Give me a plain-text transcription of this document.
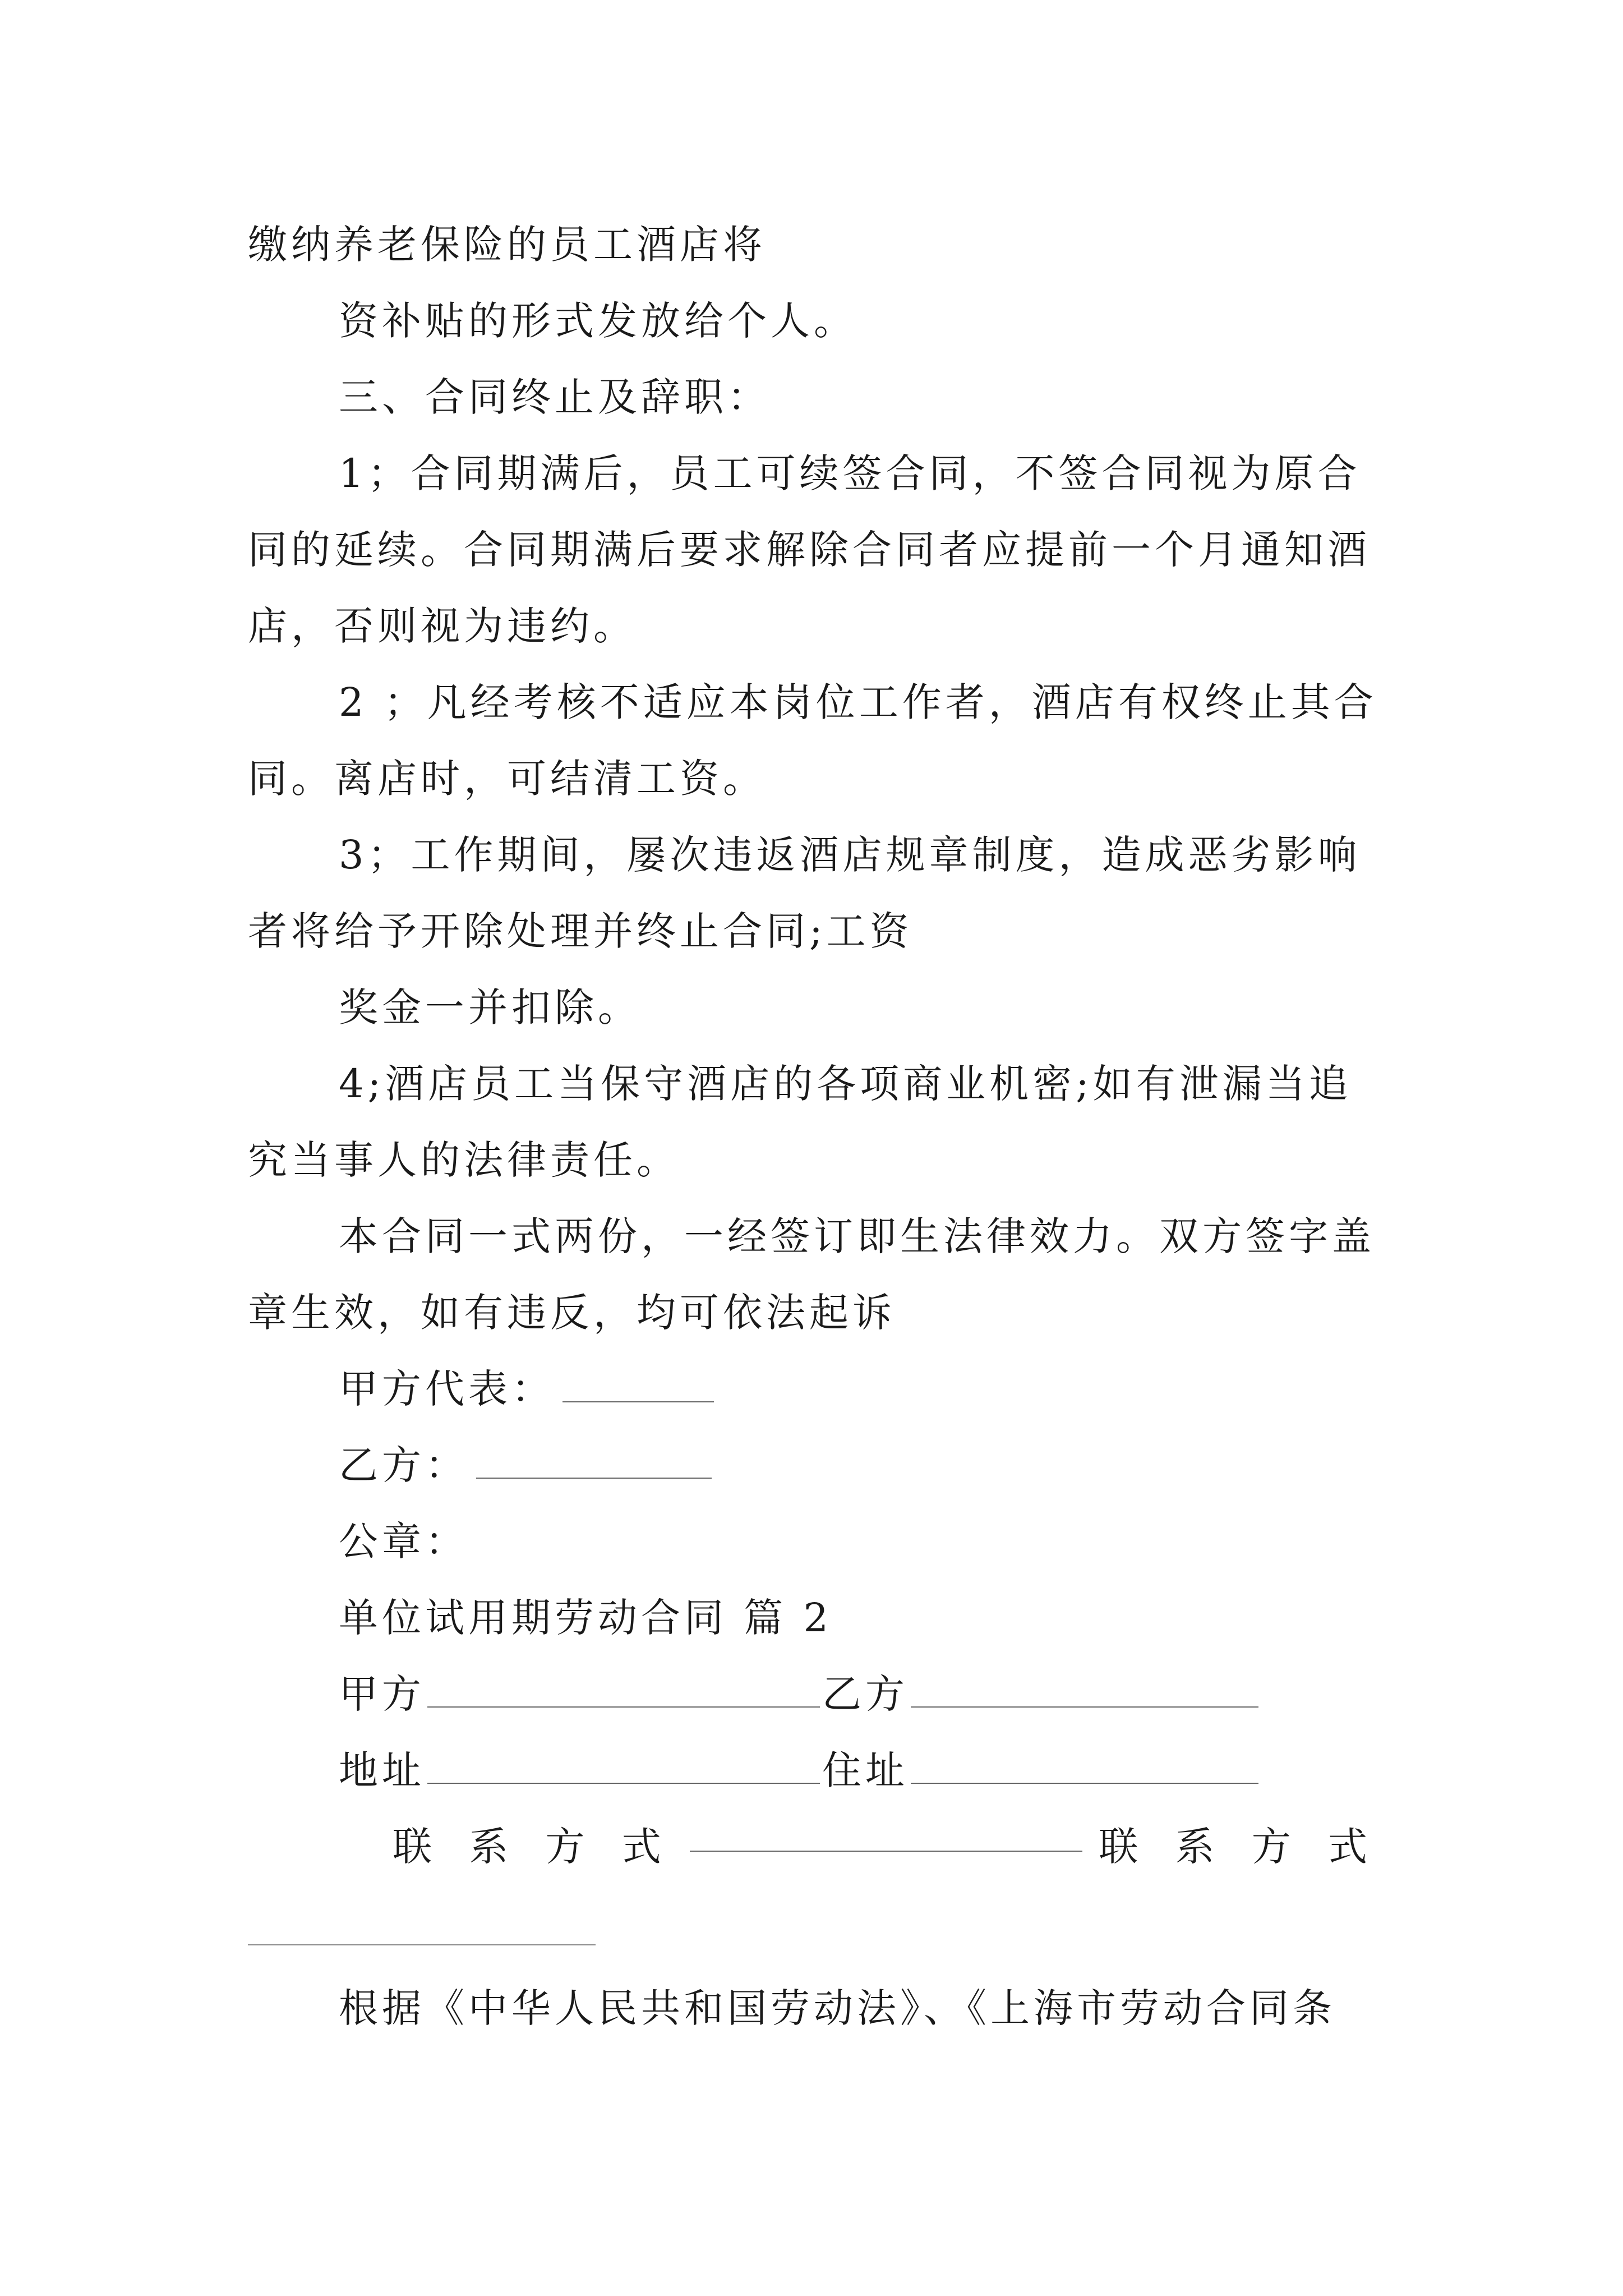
缴纳养老保险的员工酒店将
资补贴的形式发放给个人。
三、合同终止及辞职：
1；合同期满后，员工可续签合同，不签合同视为原合
同的延续。合同期满后要求解除合同者应提前一个月通知酒
店，否则视为违约。
2 ；凡经考核不适应本岗位工作者，酒店有权终止其合
同。离店时，可结清工资。
3；工作期间，屡次违返酒店规章制度，造成恶劣影响
者将给予开除处理并终止合同;工资
奖金一并扣除。
4;酒店员工当保守酒店的各项商业机密;如有泄漏当追
究当事人的法律责任。
本合同一式两份，一经签订即生法律效力。双方签字盖
章生效，如有违反，均可依法起诉
甲方代表：
乙方：
公章：
单位试用期劳动合同 篇 2
甲方	乙方
地址	住址
联 系 方 式	联 系 方 式
根据《中华人民共和国劳动法》、《上海市劳动合同条
